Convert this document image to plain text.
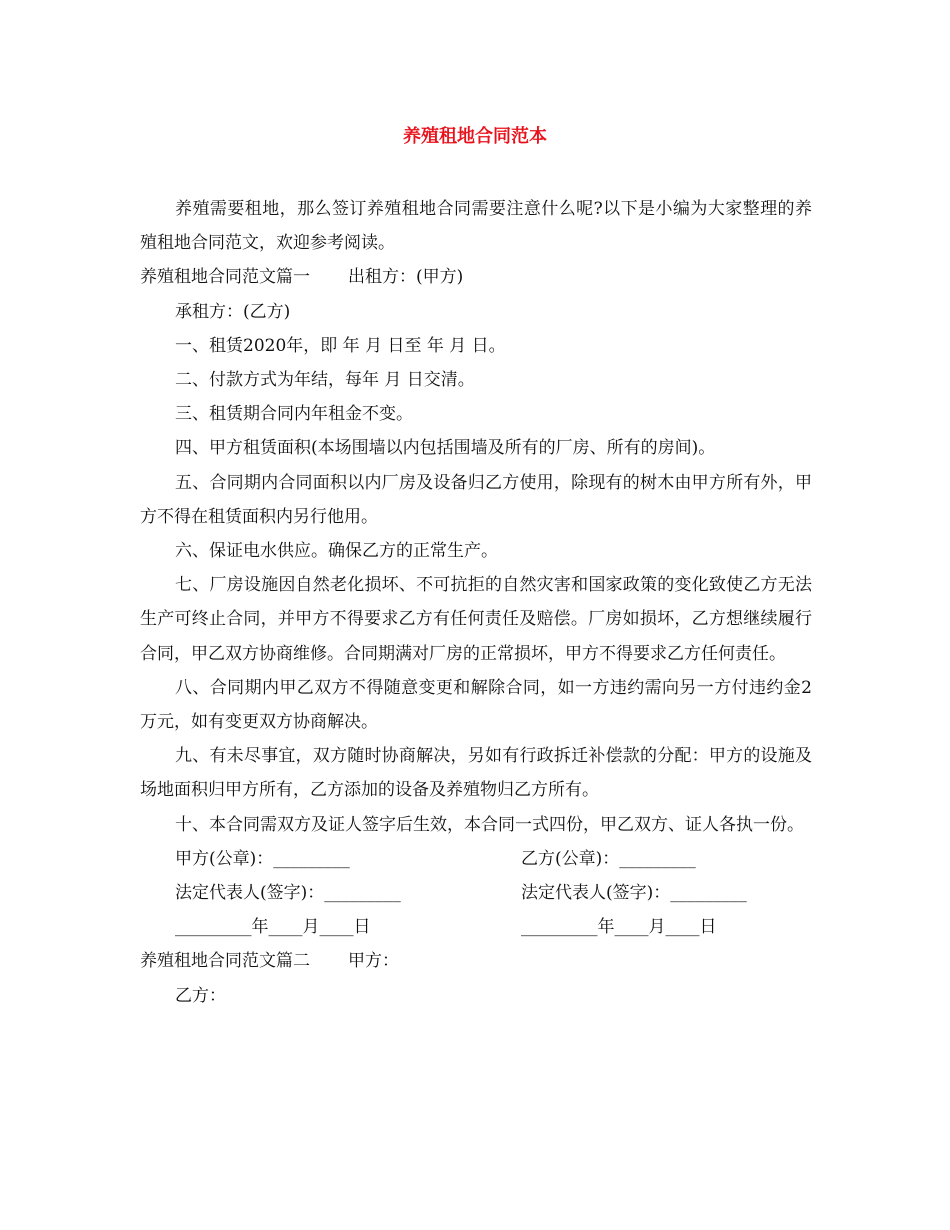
养殖租地合同范本

养殖需要租地，那么签订养殖租地合同需要注意什么呢?以下是小编为大家整理的养殖租地合同范文，欢迎参考阅读。

养殖租地合同范文篇一 出租方：(甲方)

承租方：(乙方)

一、租赁2020年，即 年 月 日至 年 月 日。

二、付款方式为年结，每年 月 日交清。

三、租赁期合同内年租金不变。

四、甲方租赁面积(本场围墙以内包括围墙及所有的厂房、所有的房间)。

五、合同期内合同面积以内厂房及设备归乙方使用，除现有的树木由甲方所有外，甲方不得在租赁面积内另行他用。

六、保证电水供应。确保乙方的正常生产。

七、厂房设施因自然老化损坏、不可抗拒的自然灾害和国家政策的变化致使乙方无法生产可终止合同，并甲方不得要求乙方有任何责任及赔偿。厂房如损坏，乙方想继续履行合同，甲乙双方协商维修。合同期满对厂房的正常损坏，甲方不得要求乙方任何责任。

八、合同期内甲乙双方不得随意变更和解除合同，如一方违约需向另一方付违约金2万元，如有变更双方协商解决。

九、有未尽事宜，双方随时协商解决，另如有行政拆迁补偿款的分配：甲方的设施及场地面积归甲方所有，乙方添加的设备及养殖物归乙方所有。

十、本合同需双方及证人签字后生效，本合同一式四份，甲乙双方、证人各执一份。

甲方(公章)：_________	乙方(公章)：_________
法定代表人(签字)：_________	法定代表人(签字)：_________
_________年____月____日	_________年____月____日

养殖租地合同范文篇二 甲方：

乙方：
